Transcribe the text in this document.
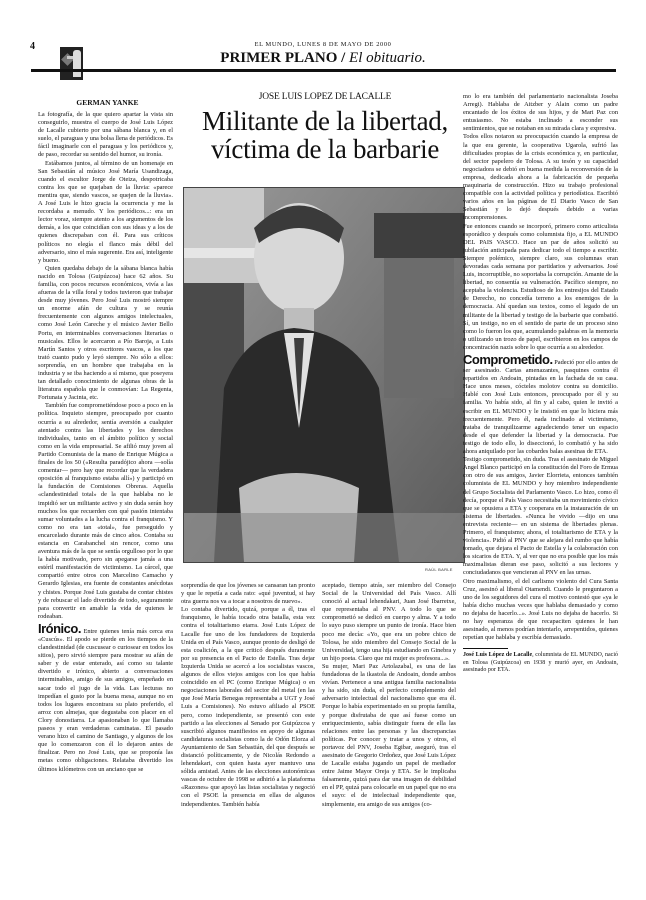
4	EL MUNDO, LUNES 8 DE MAYO DE 2000
PRIMER PLANO / El obituario.
GERMAN YANKE
JOSE LUIS LOPEZ DE LACALLE
Militante de la libertad,
víctima de la barbarie
RAÚL BARLE

La fotografía, de la que quiero apartar la vista sin conseguirlo, muestra el cuerpo de José Luis López de Lacalle cubierto por una sábana blanca y, en el suelo, el paraguas y una bolsa llena de periódicos. Es fácil imaginarle con el paraguas y los periódicos y, de paso, recordar su sentido del humor, su ironía.

Estábamos juntos, al término de un homenaje en San Sebastián al músico José María Usandizaga, cuando el escultor Jorge de Oteiza, despotricaba contra los que se quejaban de la lluvia: «parece mentira que, siendo vascos, se quejen de la lluvia». A José Luis le hizo gracia la ocurrencia y me la recordaba a menudo. Y los periódicos...: era un lector voraz, siempre atento a los argumentos de los demás, a los que coincidían con sus ideas y a los de quienes discrepaban con él. Para sus críticos políticos no elegía el flanco más débil del adversario, sino el más sugerente. Era así, inteligente y bueno.

Quien quedaba debajo de la sábana blanca había nacido en Tolosa (Guipúzcoa) hace 62 años. Su familia, con pocos recursos económicos, vivía a las afueras de la villa foral y todos tuvieron que trabajar desde muy jóvenes. Pero José Luis mostró siempre un enorme afán de cultura y se reunía frecuentemente con algunos amigos intelectuales, como José León Careche y el músico Javier Bello Portu, en interminables conversaciones literarias o musicales. Ellos le acercaron a Pío Baroja, a Luis Martín Santos y otros escritores vascos, a los que trató cuanto pudo y leyó siempre. No sólo a ellos: sorprendía, en un hombre que trabajaba en la industria y se iba haciendo a sí mismo, que poseyera tan detallado conocimiento de algunas obras de la literatura española que le conmovían: La Regenta, Fortunata y Jacinta, etc.

También fue comprometiéndose poco a poco en la política. Inquieto siempre, preocupado por cuanto ocurría a su alrededor, sentía aversión a cualquier atentado contra las libertades y los derechos individuales, tanto en el ámbito político y social como en la vida empresarial. Se afilió muy joven al Partido Comunista de la mano de Enrique Múgica a finales de los 50 («Resulta paradójico ahora —solía comentar— pero hay que recordar que la verdadera oposición al franquismo estaba allí») y participó en la fundación de Comisiones Obreras. Aquella «clandestinidad total» de la que hablaba no le impidió ser un militante activo y sin duda serán hoy muchos los que recuerden con qué pasión intentaba sumar voluntades a la lucha contra el franquismo. Y como no era tan «total», fue perseguido y encarcelado durante más de cinco años. Contaba su estancia en Carabanchel sin rencor, como una aventura más de la que se sentía orgulloso por lo que la había motivado, pero sin apegarse jamás a una estéril manifestación de victimismo. La cárcel, que compartió entre otros con Marcelino Camacho y Gerardo Iglesias, era fuente de constantes anécdotas y chistes. Porque José Luis gustaba de contar chistes y de rebuscar el lado divertido de todo, seguramente para convertir en amable la vida de quienes le rodeaban.

Irónico. Entre quienes tenía más cerca era «Cuscús». El apodo se pierde en los tiempos de la clandestinidad (de cuscusear o curiosear en todos los sitios), pero sirvió siempre para mostrar su afán de saber y de estar enterado, así como su talante divertido e irónico, abierto a conversaciones interminables, amigo de sus amigos, empeñado en sacar todo el jugo de la vida. Las lecturas no impedían el gusto por la buena mesa, aunque no en todos los lugares encontrara su plato preferido, el arroz con almejas, que degustaba con placer en el Clory donostiarra. Le apasionaban lo que llamaba paseos y eran verdaderas caminatas. El pasado verano hizo el camino de Santiago, y algunos de los que lo comenzaron con él lo dejaron antes de finalizar. Pero no José Luis, que se proponía las metas como obligaciones. Relataba divertido los últimos kilómetros con un anciano que se

sorprendía de que los jóvenes se cansaran tan pronto y que le repetía a cada rato: «qué juventud, si hay otra guerra nos va a tocar a nosotros de nuevo».

Lo contaba divertido, quizá, porque a él, tras el franquismo, le había tocado otra batalla, esta vez contra el totalitarismo etarra. José Luis López de Lacalle fue uno de los fundadores de Izquierda Unida en el País Vasco, aunque pronto de desligó de esta coalición, a la que criticó después duramente por su presencia en el Pacto de Estella. Tras dejar Izquierda Unida se acercó a los socialistas vascos, algunos de ellos viejos amigos con los que había coincidido en el PC (como Enrique Múgica) o en negociaciones laborales del sector del metal (en las que José María Benegas representaba a UGT y José Luis a Comisiones). No estuvo afiliado al PSOE pero, como independiente, se presentó con este partido a las elecciones al Senado por Guipúzcoa y suscribió algunos manifiestos en apoyo de algunas candidaturas socialistas como la de Odón Elorza al Ayuntamiento de San Sebastián, del que después se distanció políticamente, y de Nicolás Redondo a lehendakari, con quien hasta ayer mantuvo una sólida amistad. Antes de las elecciones autonómicas vascas de octubre de 1998 se adhirió a la plataforma «Razones» que apoyó las listas socialistas y negoció con el PSOE la presencia en ellas de algunos independientes. También había

aceptado, tiempo atrás, ser miembro del Consejo Social de la Universidad del País Vasco. Allí conoció al actual lehendakari, Juan José Ibarretxe, que representaba al PNV. A todo lo que se comprometió se dedicó en cuerpo y alma. Y a todo lo suyo puso siempre un punto de ironía. Hace bien poco me decía: «Yo, que era un pobre chico de Tolosa, he sido miembro del Consejo Social de la Universidad, tengo una hija estudiando en Ginebra y un hijo poeta. Claro que mi mujer es profesora...».

Su mujer, Mari Paz Artolazabal, es una de las fundadoras de la ikastola de Andoain, donde ambos vivían. Pertenece a una antigua familia nacionalista y ha sido, sin duda, el perfecto complemento del adversario intelectual del nacionalismo que era él. Porque lo había experimentado en su propia familia, y porque disfrutaba de que así fuese como un enriquecimiento, sabía distinguir fuera de ella las relaciones entre las personas y las discrepancias políticas. Por conocer y tratar a unos y otros, el portavoz del PNV, Joseba Egibar, aseguró, tras el asesinato de Gregorio Ordoñez, que José Luis López de Lacalle estaba jugando un papel de mediador entre Jaime Mayor Oreja y ETA. Se le implicaba falsamente, quizá para dar una imagen de debilidad en el PP, quizá para colocarle en un papel que no era el suyo: el de intelectual independiente que, simplemente, era amigo de sus amigos (co-

mo lo era también del parlamentario nacionalista Joseba Arregi). Hablaba de Aitzber y Alain como un padre encantado de los éxitos de sus hijos, y de Mari Paz con entusiasmo. No estaba inclinado a esconder sus sentimientos, que se notaban en su mirada clara y expresiva.

Todos ellos notaron su preocupación cuando la empresa de la que era gerente, la cooperativa Ugarola, sufrió las dificultades propias de la crisis económica y, en particular, del sector papelero de Tolosa. A su tesón y su capacidad negociadora se debió en buena medida la reconversión de la empresa, dedicada ahora a la fabricación de pequeña maquinaria de construcción. Hizo su trabajo profesional compatible con la actividad política y periodística. Escribió varios años en las páginas de El Diario Vasco de San Sebastián y lo dejó después debido a varias incomprensiones.

Fue entonces cuando se incorporó, primero como articulista esporádico y después como columnista fijo, a EL MUNDO DEL PAIS VASCO. Hace un par de años solicitó su jubilación anticipada para dedicar todo el tiempo a escribir. Siempre polémico, siempre claro, sus columnas eran devoradas cada semana por partidarios y adversarios. José Luis, incorruptible, no soportaba la corrupción. Amante de la libertad, no consentía su vulneración. Pacífico siempre, no aceptaba la violencia. Estudioso de los entresijos del Estado de Derecho, no concedía terreno a los enemigos de la democracia. Ahí quedan sus textos, como el legado de un militante de la libertad y testigo de la barbarie que combatió. Sí, un testigo, no en el sentido de parte de un proceso sino como lo fueron los que, acumulando palabras en la memoria o utilizando un trozo de papel, escribieron en los campos de concentración nazis sobre lo que ocurría a su alrededor.

Comprometido. Padeció por ello antes de ser asesinado. Cartas amenazantes, pasquines contra él repartidos en Andoain, pintadas en la fachada de su casa. Hace unos meses, cócteles molotov contra su domicilio. Hablé con José Luis entonces, preocupado por él y su familia. Yo había sido, al fin y al cabo, quien le invitó a escribir en EL MUNDO y le insistió en que lo hiciera más frecuentemente. Pero él, nada inclinado al victimismo, trataba de tranquilizarme agradeciendo tener un espacio desde el que defender la libertad y la democracia. Fue testigo de todo ello, lo diseccionó, lo combatió y ha sido ahora aniquilado por las cobardes balas asesinas de ETA.

Testigo comprometido, sin duda. Tras el asesinato de Miguel Angel Blanco participó en la constitución del Foro de Ermua con otro de sus amigos, Javier Elorrieta, entonces también columnista de EL MUNDO y hoy miembro independiente del Grupo Socialista del Parlamento Vasco. Lo hizo, como él decía, porque el País Vasco necesitaba un movimiento cívico que se opusiera a ETA y cooperara en la instauración de un sistema de libertades. «Nunca he vivido —dijo en una entrevista reciente— en un sistema de libertades plenas. Primero, el franquismo; ahora, el totalitarismo de ETA y la violencia». Pidió al PNV que se alejara del rumbo que había tomado, que dejara el Pacto de Estella y la colaboración con los sicarios de ETA. Y, al ver que no era posible que los más maximalistas dieran ese paso, solicitó a sus lectores y conciudadanos que vencieran al PNV en las urnas.

Otro maximalismo, el del carlismo violento del Cura Santa Cruz, asesinó al liberal Otamendi. Cuando le preguntaron a uno de los seguidores del cura el motivo contestó que «ya le había dicho muchas veces que hablaba demasiado y como no dejaba de hacerlo...». José Luis no dejaba de hacerlo. Si no hay esperanza de que recapaciten quienes le han asesinado, al menos podrían intentarlo, arrepentidos, quienes repetían que hablaba y escribía demasiado.

José Luis López de Lacalle, columnista de EL MUNDO, nació en Tolosa (Guipúzcoa) en 1938 y murió ayer, en Andoain, asesinado por ETA.
